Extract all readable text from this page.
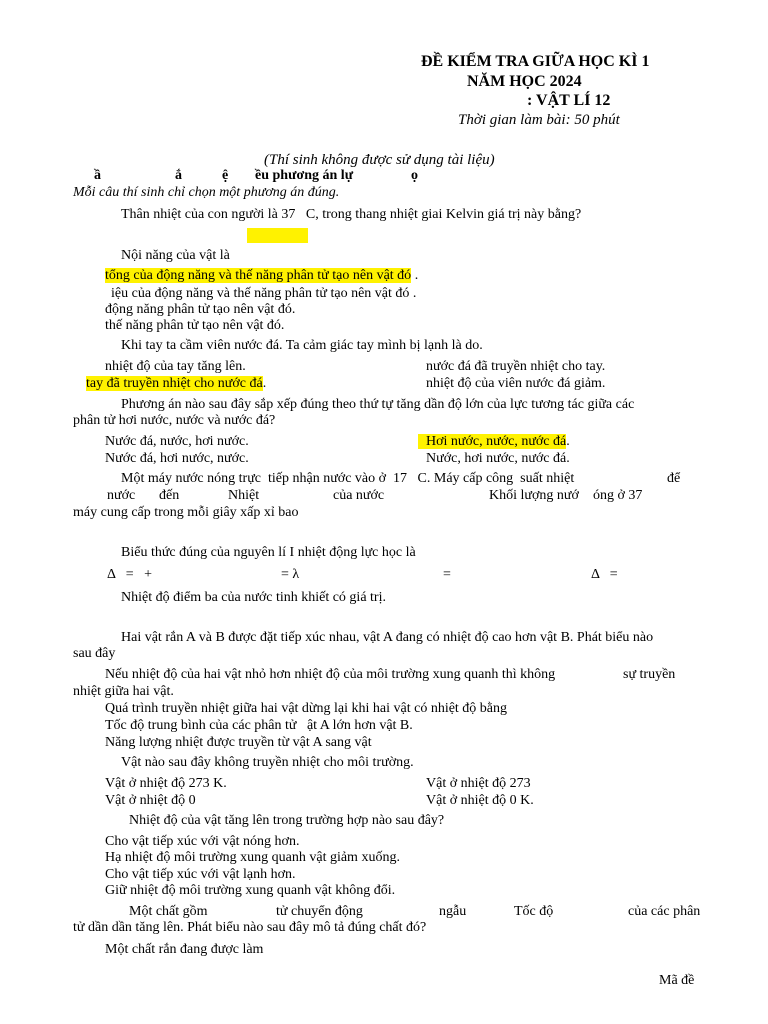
ĐỀ KIỂM TRA GIỮA HỌC KÌ 1
NĂM HỌC 2024
: VẬT LÍ 12
Thời gian làm bài: 50 phút
(Thí sinh không được sử dụng tài liệu)
ầ	ắ	ệ ều phương án lự	ọ
Mỗi câu thí sinh chỉ chọn một phương án đúng.
Thân nhiệt của con người là 37   C, trong thang nhiệt giai Kelvin giá trị này bằng?
Nội năng của vật là
tổng của động năng và thế năng phân tử tạo nên vật đó .
iệu của động năng và thế năng phân tử tạo nên vật đó .
động năng phân tử tạo nên vật đó.
thế năng phân tử tạo nên vật đó.
Khi tay ta cầm viên nước đá. Ta cảm giác tay mình bị lạnh là do.
nhiệt độ của tay tăng lên.	nước đá đã truyền nhiệt cho tay.
tay đã truyền nhiệt cho nước đá.	nhiệt độ của viên nước đá giảm.
Phương án nào sau đây sắp xếp đúng theo thứ tự tăng dần độ lớn của lực tương tác giữa các
phân tử hơi nước, nước và nước đá?
Nước đá, nước, hơi nước.	Hơi nước, nước, nước đá.
Nước đá, hơi nước, nước.	Nước, hơi nước, nước đá.
Một máy nước nóng trực  tiếp nhận nước vào ở  17   C. Máy cấp công  suất nhiệt	để
nước đến	Nhiệt	của nước	Khối lượng nướ óng ở 37
máy cung cấp trong mỗi giây xấp xỉ bao
Biểu thức đúng của nguyên lí I nhiệt động lực học là
Δ   =   +	= λ	=	Δ   =
Nhiệt độ điểm ba của nước tinh khiết có giá trị.
Hai vật rắn A và B được đặt tiếp xúc nhau, vật A đang có nhiệt độ cao hơn vật B. Phát biểu nào
sau đây
Nếu nhiệt độ của hai vật nhỏ hơn nhiệt độ của môi trường xung quanh thì không	sự truyền
nhiệt giữa hai vật.
Quá trình truyền nhiệt giữa hai vật dừng lại khi hai vật có nhiệt độ bằng
Tốc độ trung bình của các phân tử   ật A lớn hơn vật B.
Năng lượng nhiệt được truyền từ vật A sang vật
Vật nào sau đây không truyền nhiệt cho môi trường.
Vật ở nhiệt độ 273 K.	Vật ở nhiệt độ 273
Vật ở nhiệt độ 0	Vật ở nhiệt độ 0 K.
Nhiệt độ của vật tăng lên trong trường hợp nào sau đây?
Cho vật tiếp xúc với vật nóng hơn.
Hạ nhiệt độ môi trường xung quanh vật giảm xuống.
Cho vật tiếp xúc với vật lạnh hơn.
Giữ nhiệt độ môi trường xung quanh vật không đổi.
Một chất gồm	tử chuyển động	ngẫu	Tốc độ	của các phân
tử dần dần tăng lên. Phát biểu nào sau đây mô tả đúng chất đó?
Một chất rắn đang được làm
Mã đề
